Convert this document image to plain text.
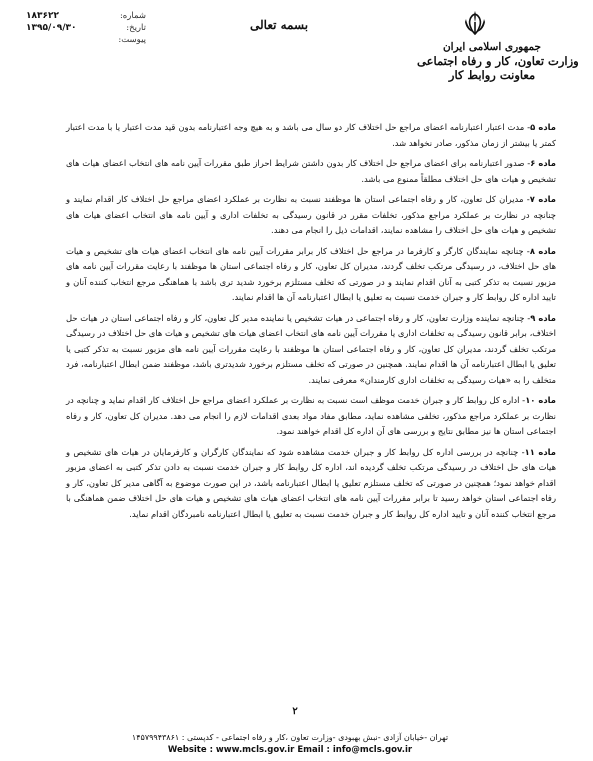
جمهوری اسلامی ایران
وزارت تعاون، کار و رفاه اجتماعی
معاونت روابط کار
بسمه تعالی
شماره:
۱۸۳۶۲۲
تاریخ:
۱۳۹۵/۰۹/۳۰
پیوست:

ماده ۵- مدت اعتبار اعتبارنامه اعضای مراجع حل اختلاف کار دو سال می باشد و به هیچ وجه اعتبارنامه بدون قید مدت اعتبار یا با مدت اعتبار کمتر یا بیشتر از زمان مذکور، صادر نخواهد شد.

ماده ۶- صدور اعتبارنامه برای اعضای مراجع حل اختلاف کار بدون داشتن شرایط احراز طبق مقررات آیین نامه های انتخاب اعضای هیات های تشخیص و هیات های حل اختلاف مطلقاً ممنوع می باشد.

ماده ۷- مدیران کل تعاون، کار و رفاه اجتماعی استان ها موظفند نسبت به نظارت بر عملکرد اعضای مراجع حل اختلاف کار اقدام نمایند و چنانچه در نظارت بر عملکرد مراجع مذکور، تخلفات مقرر در قانون رسیدگی به تخلفات اداری و آیین نامه های انتخاب اعضای هیات های تشخیص و هیات های حل اختلاف را مشاهده نمایند، اقدامات ذیل را انجام می دهند.

ماده ۸- چنانچه نمایندگان کارگر و کارفرما در مراجع حل اختلاف کار برابر مقررات آیین نامه های انتخاب اعضای هیات های تشخیص و هیات های حل اختلاف، در رسیدگی مرتکب تخلف گردند، مدیران کل تعاون، کار و رفاه اجتماعی استان ها موظفند با رعایت مقررات آیین نامه های مزبور نسبت به تذکر کتبی به آنان اقدام نمایند و در صورتی که تخلف مستلزم برخورد شدید تری باشد با هماهنگی مرجع انتخاب کننده آنان و تایید اداره کل روابط کار و جبران خدمت نسبت به تعلیق یا ابطال اعتبارنامه آن ها اقدام نمایند.

ماده ۹- چنانچه نماینده وزارت تعاون، کار و رفاه اجتماعی در هیات تشخیص یا نماینده مدیر کل تعاون، کار و رفاه اجتماعی استان در هیات حل اختلاف، برابر قانون رسیدگی به تخلفات اداری یا مقررات آیین نامه های انتخاب اعضای هیات های تشخیص و هیات های حل اختلاف در رسیدگی مرتکب تخلف گردند، مدیران کل تعاون، کار و رفاه اجتماعی استان ها موظفند با رعایت مقررات آیین نامه های مزبور نسبت به تذکر کتبی یا تعلیق یا ابطال اعتبارنامه آن ها اقدام نمایند. همچنین در صورتی که تخلف مستلزم برخورد شدیدتری باشد، موظفند ضمن ابطال اعتبارنامه، فرد متخلف را به «هیات رسیدگی به تخلفات اداری کارمندان» معرفی نمایند.

ماده ۱۰- اداره کل روابط کار و جبران خدمت موظف است نسبت به نظارت بر عملکرد اعضای مراجع حل اختلاف کار اقدام نماید و چنانچه در نظارت بر عملکرد مراجع مذکور، تخلفی مشاهده نماید، مطابق مفاد مواد بعدی اقدامات لازم را انجام می دهد. مدیران کل تعاون، کار و رفاه اجتماعی استان ها نیز مطابق نتایج و بررسی های آن اداره کل اقدام خواهند نمود.

ماده ۱۱- چنانچه در بررسی اداره کل روابط کار و جبران خدمت مشاهده شود که نمایندگان کارگران و کارفرمایان در هیات های تشخیص و هیات های حل اختلاف در رسیدگی مرتکب تخلف گردیده اند، اداره کل روابط کار و جبران خدمت نسبت به دادن تذکر کتبی به اعضای مزبور اقدام خواهد نمود؛ همچنین در صورتی که تخلف مستلزم تعلیق یا ابطال اعتبارنامه باشد، در این صورت موضوع به آگاهی مدیر کل تعاون، کار و رفاه اجتماعی استان خواهد رسید تا برابر مقررات آیین نامه های انتخاب اعضای هیات های تشخیص و هیات های حل اختلاف ضمن هماهنگی با مرجع انتخاب کننده آنان و تایید اداره کل روابط کار و جبران خدمت نسبت به تعلیق یا ابطال اعتبارنامه نامبردگان اقدام نماید.

۲
تهران -خیابان آزادی -نبش بهبودی -وزارت تعاون ،کار و رفاه اجتماعی - کدپستی : ۱۴۵۷۹۹۴۳۸۶۱
Website : www.mcls.gov.ir Email : info@mcls.gov.ir
